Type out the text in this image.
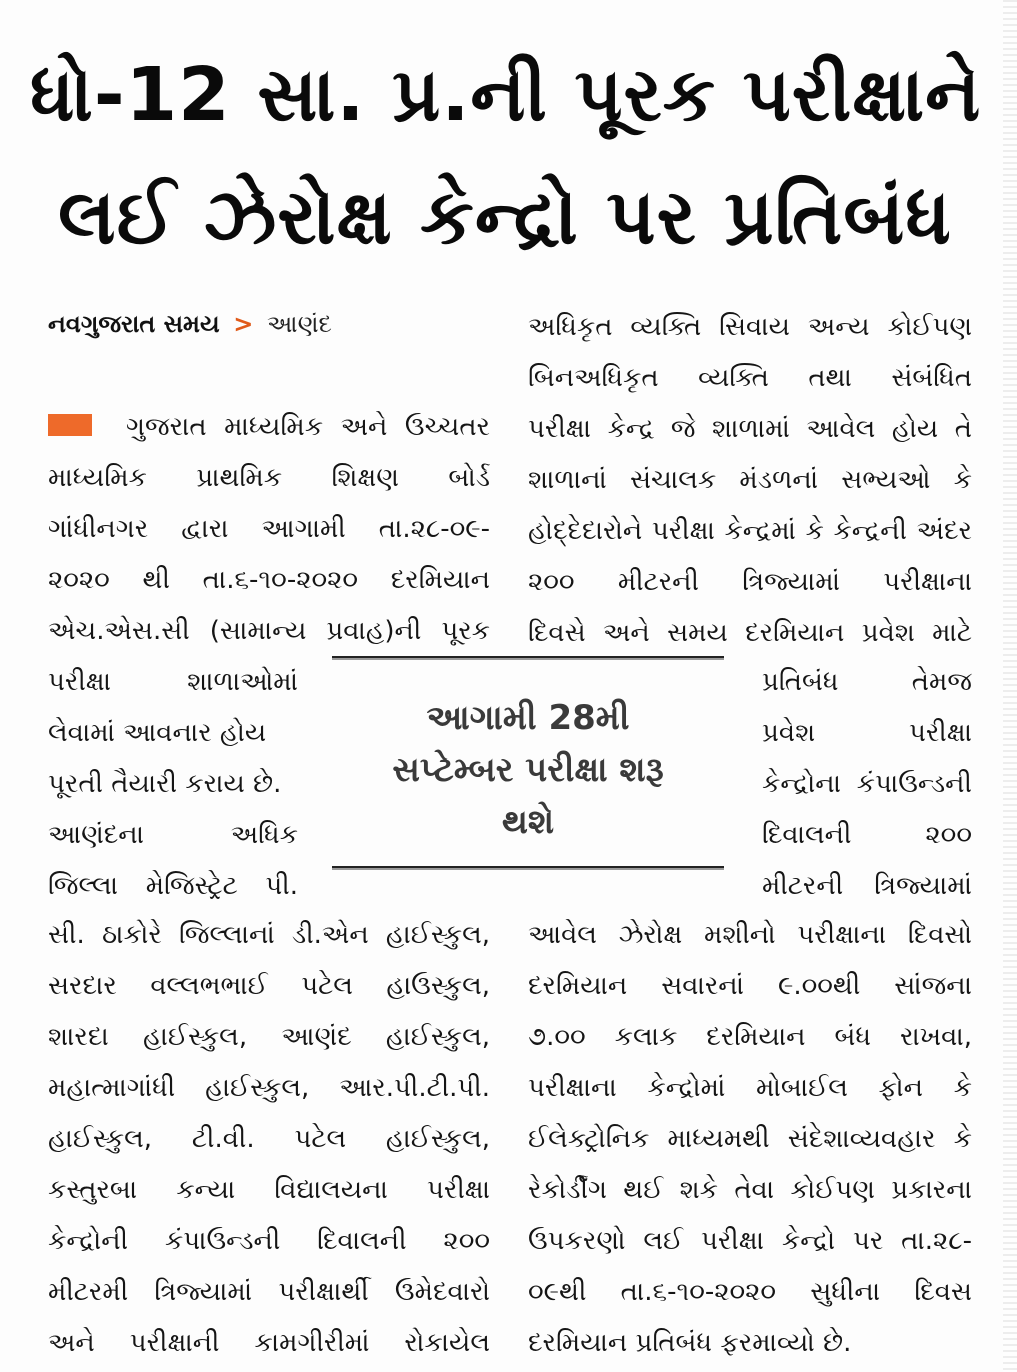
ધો-12 સા. પ્ર.ની પૂરક પરીક્ષાને
લઈ ઝેરોક્ષ કેન્દ્રો પર પ્રતિબંધ
નવગુજરાત સમય > આણંદ
ગુજરાત માધ્યમિક અને ઉચ્ચતર
માધ્યમિક પ્રાથમિક શિક્ષણ બોર્ડ
ગાંધીનગર દ્વારા આગામી તા.૨૮-૦૯-
૨૦૨૦ થી તા.૬-૧૦-૨૦૨૦ દરમિયાન
એચ.એસ.સી (સામાન્ય પ્રવાહ)ની પૂરક
પરીક્ષા શાળાઓમાં
લેવામાં આવનાર હોય
પૂરતી તૈયારી કરાય છે.
આણંદના અધિક
જિલ્લા મેજિસ્ટ્રેટ પી.
સી. ઠાકોરે જિલ્લાનાં ડી.એન હાઈસ્કુલ,
સરદાર વલ્લભભાઈ પટેલ હાઉસ્કુલ,
શારદા હાઈસ્કુલ, આણંદ હાઈસ્કુલ,
મહાત્માગાંધી હાઈસ્કુલ, આર.પી.ટી.પી.
હાઈસ્કુલ, ટી.વી. પટેલ હાઈસ્કુલ,
કસ્તુરબા કન્યા વિદ્યાલયના પરીક્ષા
કેન્દ્રોની કંપાઉન્ડની દિવાલની ૨૦૦
મીટરમી ત્રિજ્યામાં પરીક્ષાર્થી ઉમેદવારો
અને પરીક્ષાની કામગીરીમાં રોકાયેલ
અધિકૃત વ્યક્તિ સિવાય અન્ય કોઈપણ
બિનઅધિકૃત વ્યક્તિ તથા સંબંધિત
પરીક્ષા કેન્દ્ર જે શાળામાં આવેલ હોય તે
શાળાનાં સંચાલક મંડળનાં સભ્યઓ કે
હોદ્દેદારોને પરીક્ષા કેન્દ્રમાં કે કેન્દ્રની અંદર
૨૦૦ મીટરની ત્રિજ્યામાં પરીક્ષાના
દિવસે અને સમય દરમિયાન પ્રવેશ માટે
પ્રતિબંધ તેમજ
પ્રવેશ પરીક્ષા
કેન્દ્રોના કંપાઉન્ડની
દિવાલની ૨૦૦
મીટરની ત્રિજ્યામાં
આવેલ ઝેરોક્ષ મશીનો પરીક્ષાના દિવસો
દરમિયાન સવારનાં ૯.૦૦થી સાંજના
૭.૦૦ કલાક દરમિયાન બંધ રાખવા,
પરીક્ષાના કેન્દ્રોમાં મોબાઈલ ફોન કે
ઈલેક્ટ્રોનિક માધ્યમથી સંદેશાવ્યવહાર કે
રેકોર્ડીંગ થઈ શકે તેવા કોઈપણ પ્રકારના
ઉપકરણો લઈ પરીક્ષા કેન્દ્રો પર તા.૨૮-
૦૯થી તા.૬-૧૦-૨૦૨૦ સુધીના દિવસ
દરમિયાન પ્રતિબંધ ફરમાવ્યો છે.
આગામી 28મી
સપ્ટેમ્બર પરીક્ષા શરૂ
થશે
